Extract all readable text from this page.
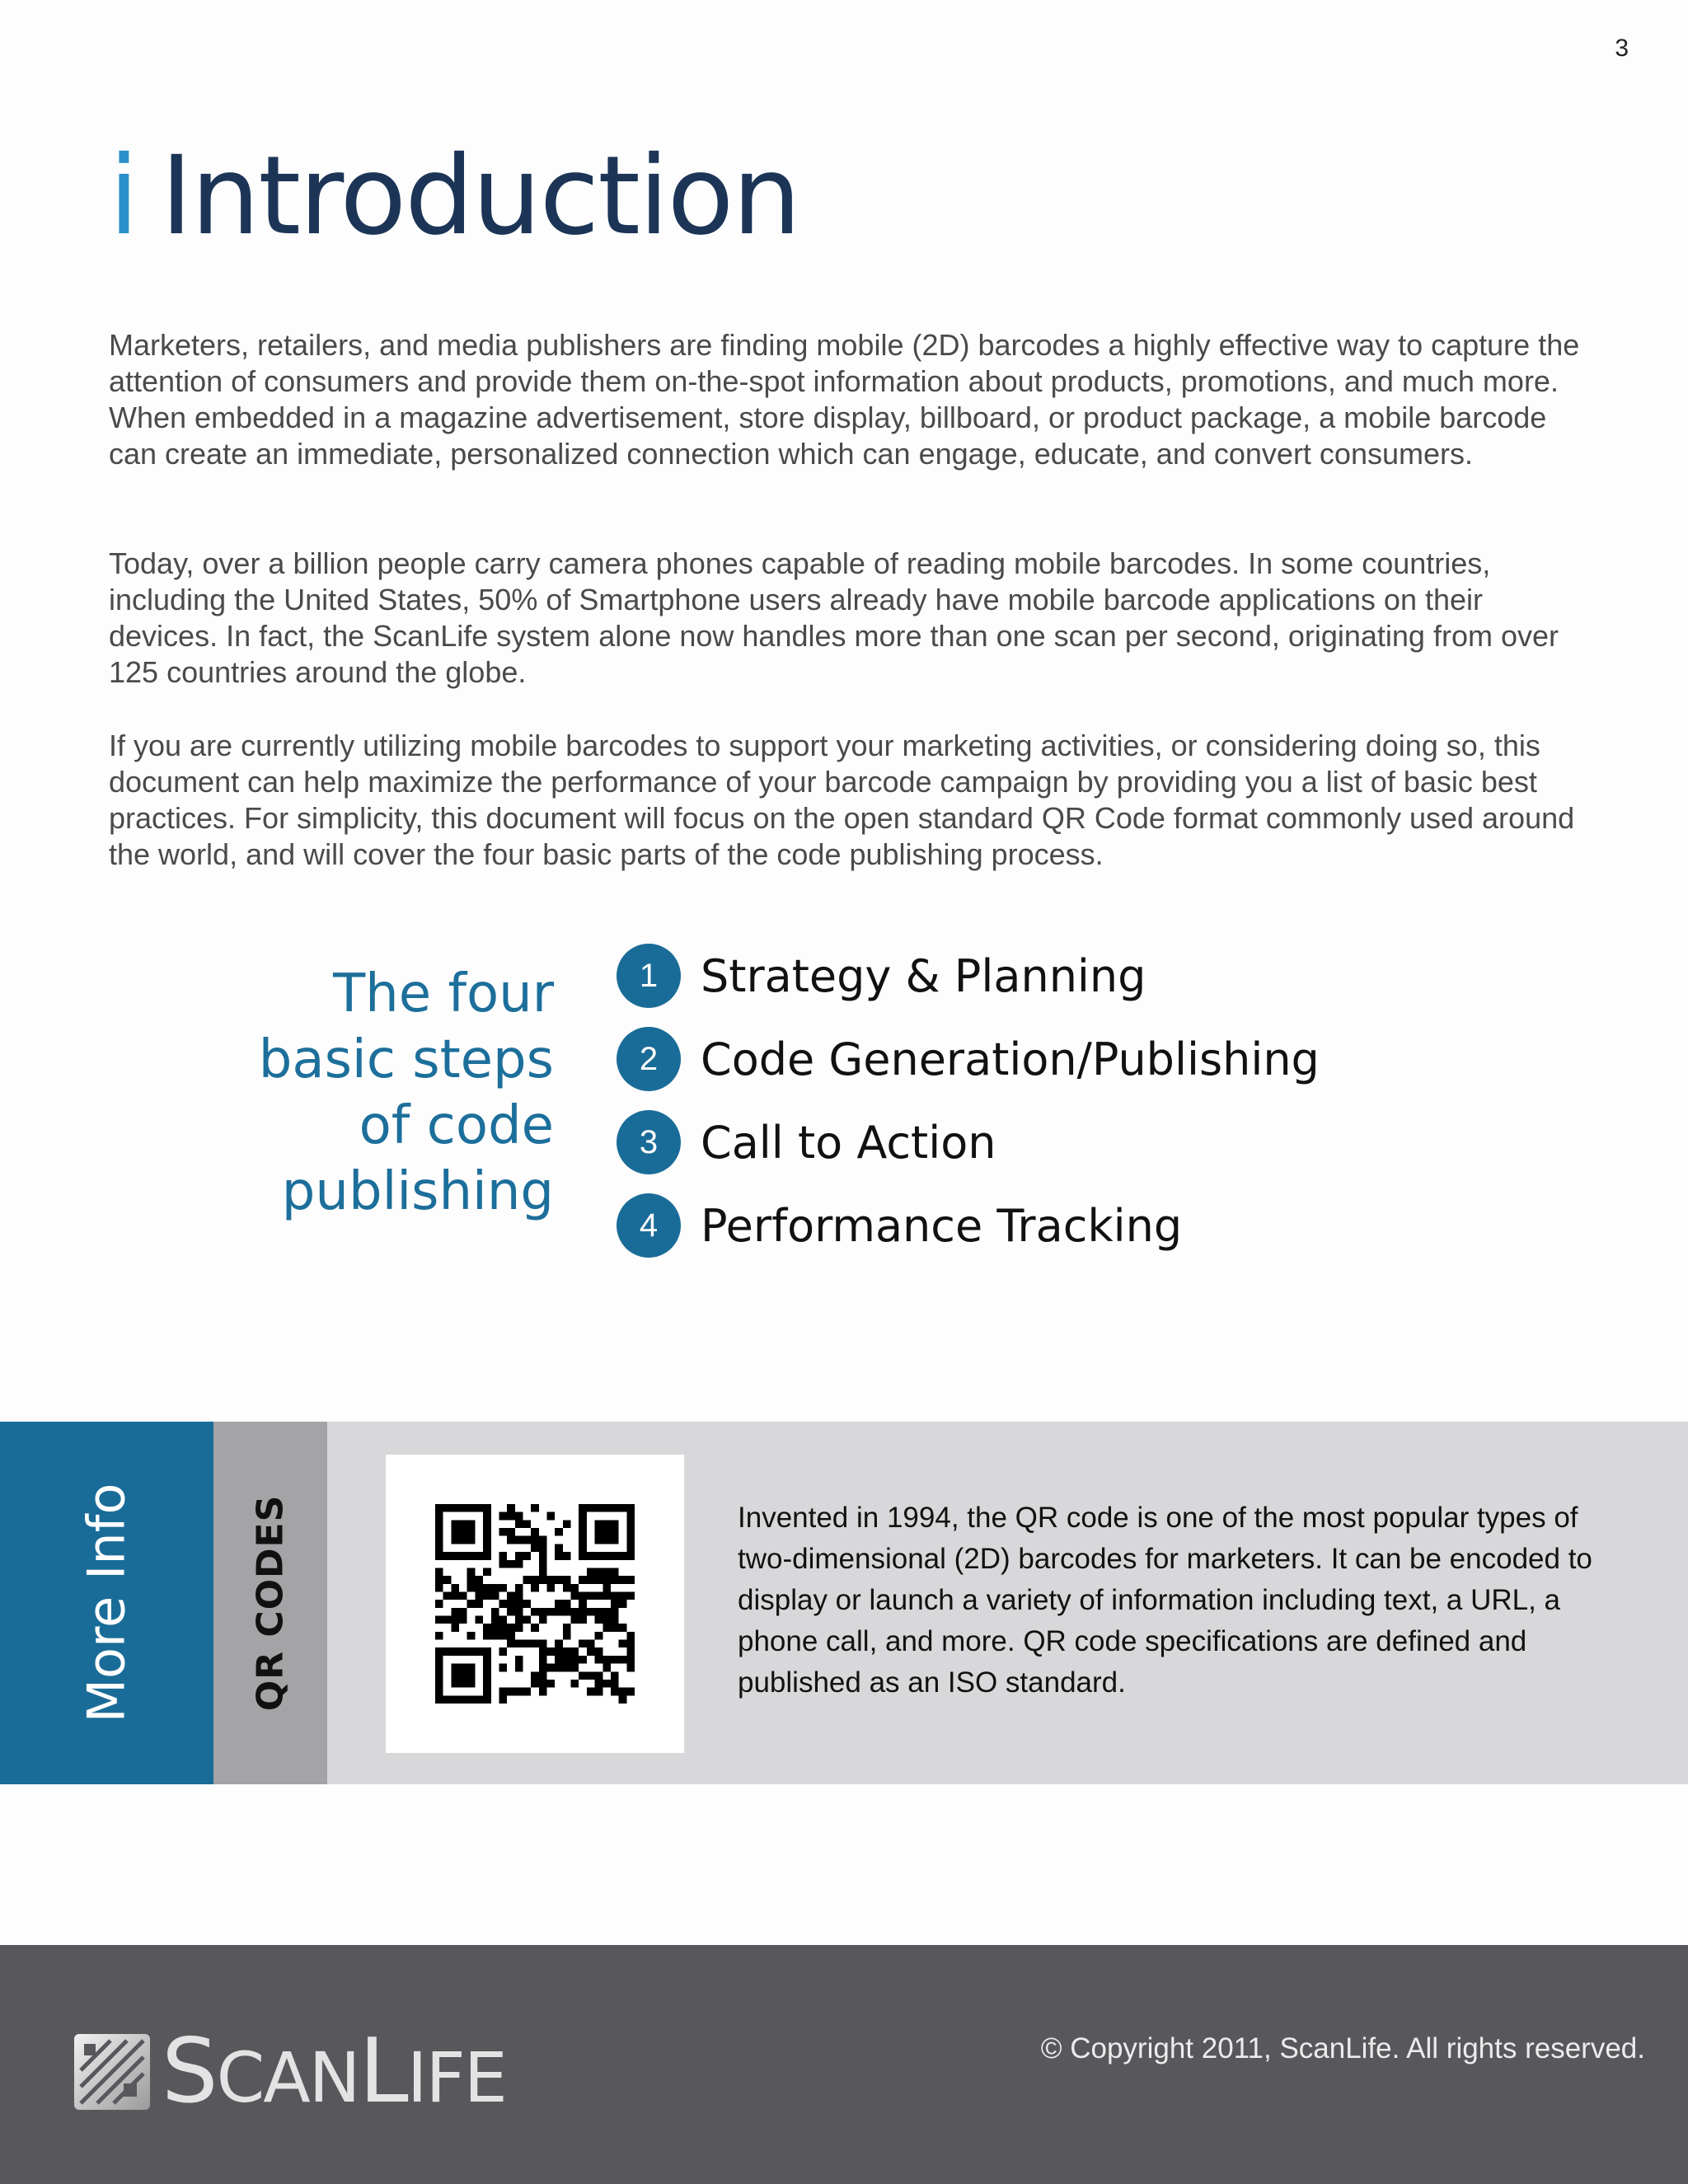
3
i Introduction

Marketers, retailers, and media publishers are finding mobile (2D) barcodes a highly effective way to capture the attention of consumers and provide them on-the-spot information about products, promotions, and much more. When embedded in a magazine advertisement, store display, billboard, or product package, a mobile barcode can create an immediate, personalized connection which can engage, educate, and convert consumers.

Today, over a billion people carry camera phones capable of reading mobile barcodes. In some countries, including the United States, 50% of Smartphone users already have mobile barcode applications on their devices. In fact, the ScanLife system alone now handles more than one scan per second, originating from over 125 countries around the globe.

If you are currently utilizing mobile barcodes to support your marketing activities, or considering doing so, this document can help maximize the performance of your barcode campaign by providing you a list of basic best practices. For simplicity, this document will focus on the open standard QR Code format commonly used around the world, and will cover the four basic parts of the code publishing process.

The four
basic steps
of code
publishing
1 Strategy & Planning
2 Code Generation/Publishing
3 Call to Action
4 Performance Tracking
More Info	QR CODES	Invented in 1994, the QR code is one of the most popular types of two-dimensional (2D) barcodes for marketers. It can be encoded to display or launch a variety of information including text, a URL, a phone call, and more. QR code specifications are defined and published as an ISO standard.

SCANLIFE	© Copyright 2011, ScanLife. All rights reserved.
